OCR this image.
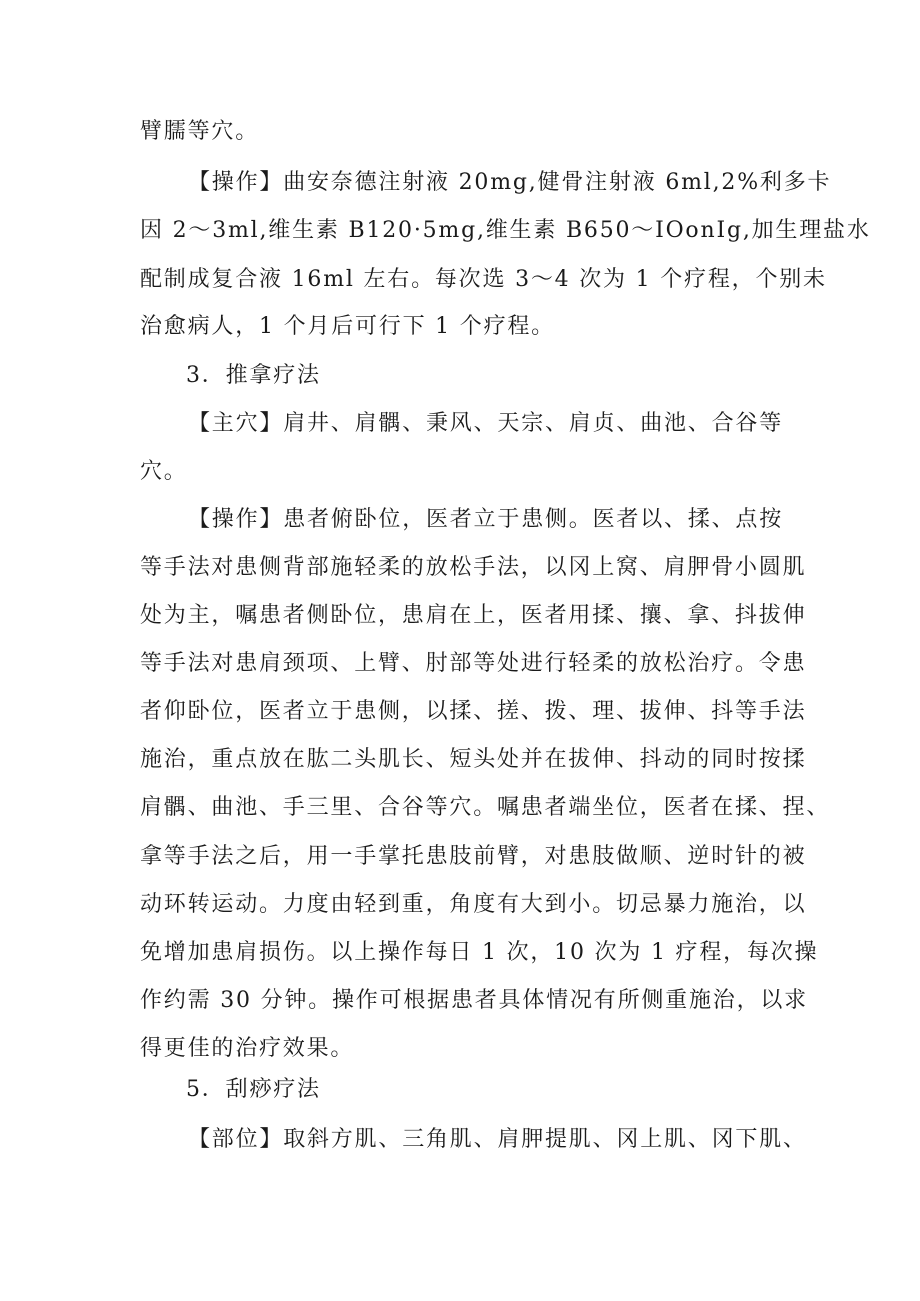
臂臑等穴。
【操作】曲安奈德注射液 20mg,健骨注射液 6ml,2%利多卡
因 2～3ml,维生素 B120·5mg,维生素 B650～IOonIg,加生理盐水
配制成复合液 16ml 左右。每次选 3～4 次为 1 个疗程，个别未
治愈病人，1 个月后可行下 1 个疗程。
3．推拿疗法
【主穴】肩井、肩髃、秉风、天宗、肩贞、曲池、合谷等
穴。
【操作】患者俯卧位，医者立于患侧。医者以、揉、点按
等手法对患侧背部施轻柔的放松手法，以冈上窝、肩胛骨小圆肌
处为主，嘱患者侧卧位，患肩在上，医者用揉、攘、拿、抖拔伸
等手法对患肩颈项、上臂、肘部等处进行轻柔的放松治疗。令患
者仰卧位，医者立于患侧，以揉、搓、拨、理、拔伸、抖等手法
施治，重点放在肱二头肌长、短头处并在拔伸、抖动的同时按揉
肩髃、曲池、手三里、合谷等穴。嘱患者端坐位，医者在揉、捏、
拿等手法之后，用一手掌托患肢前臂，对患肢做顺、逆时针的被
动环转运动。力度由轻到重，角度有大到小。切忌暴力施治，以
免增加患肩损伤。以上操作每日 1 次，10 次为 1 疗程，每次操
作约需 30 分钟。操作可根据患者具体情况有所侧重施治，以求
得更佳的治疗效果。
5．刮痧疗法
【部位】取斜方肌、三角肌、肩胛提肌、冈上肌、冈下肌、
